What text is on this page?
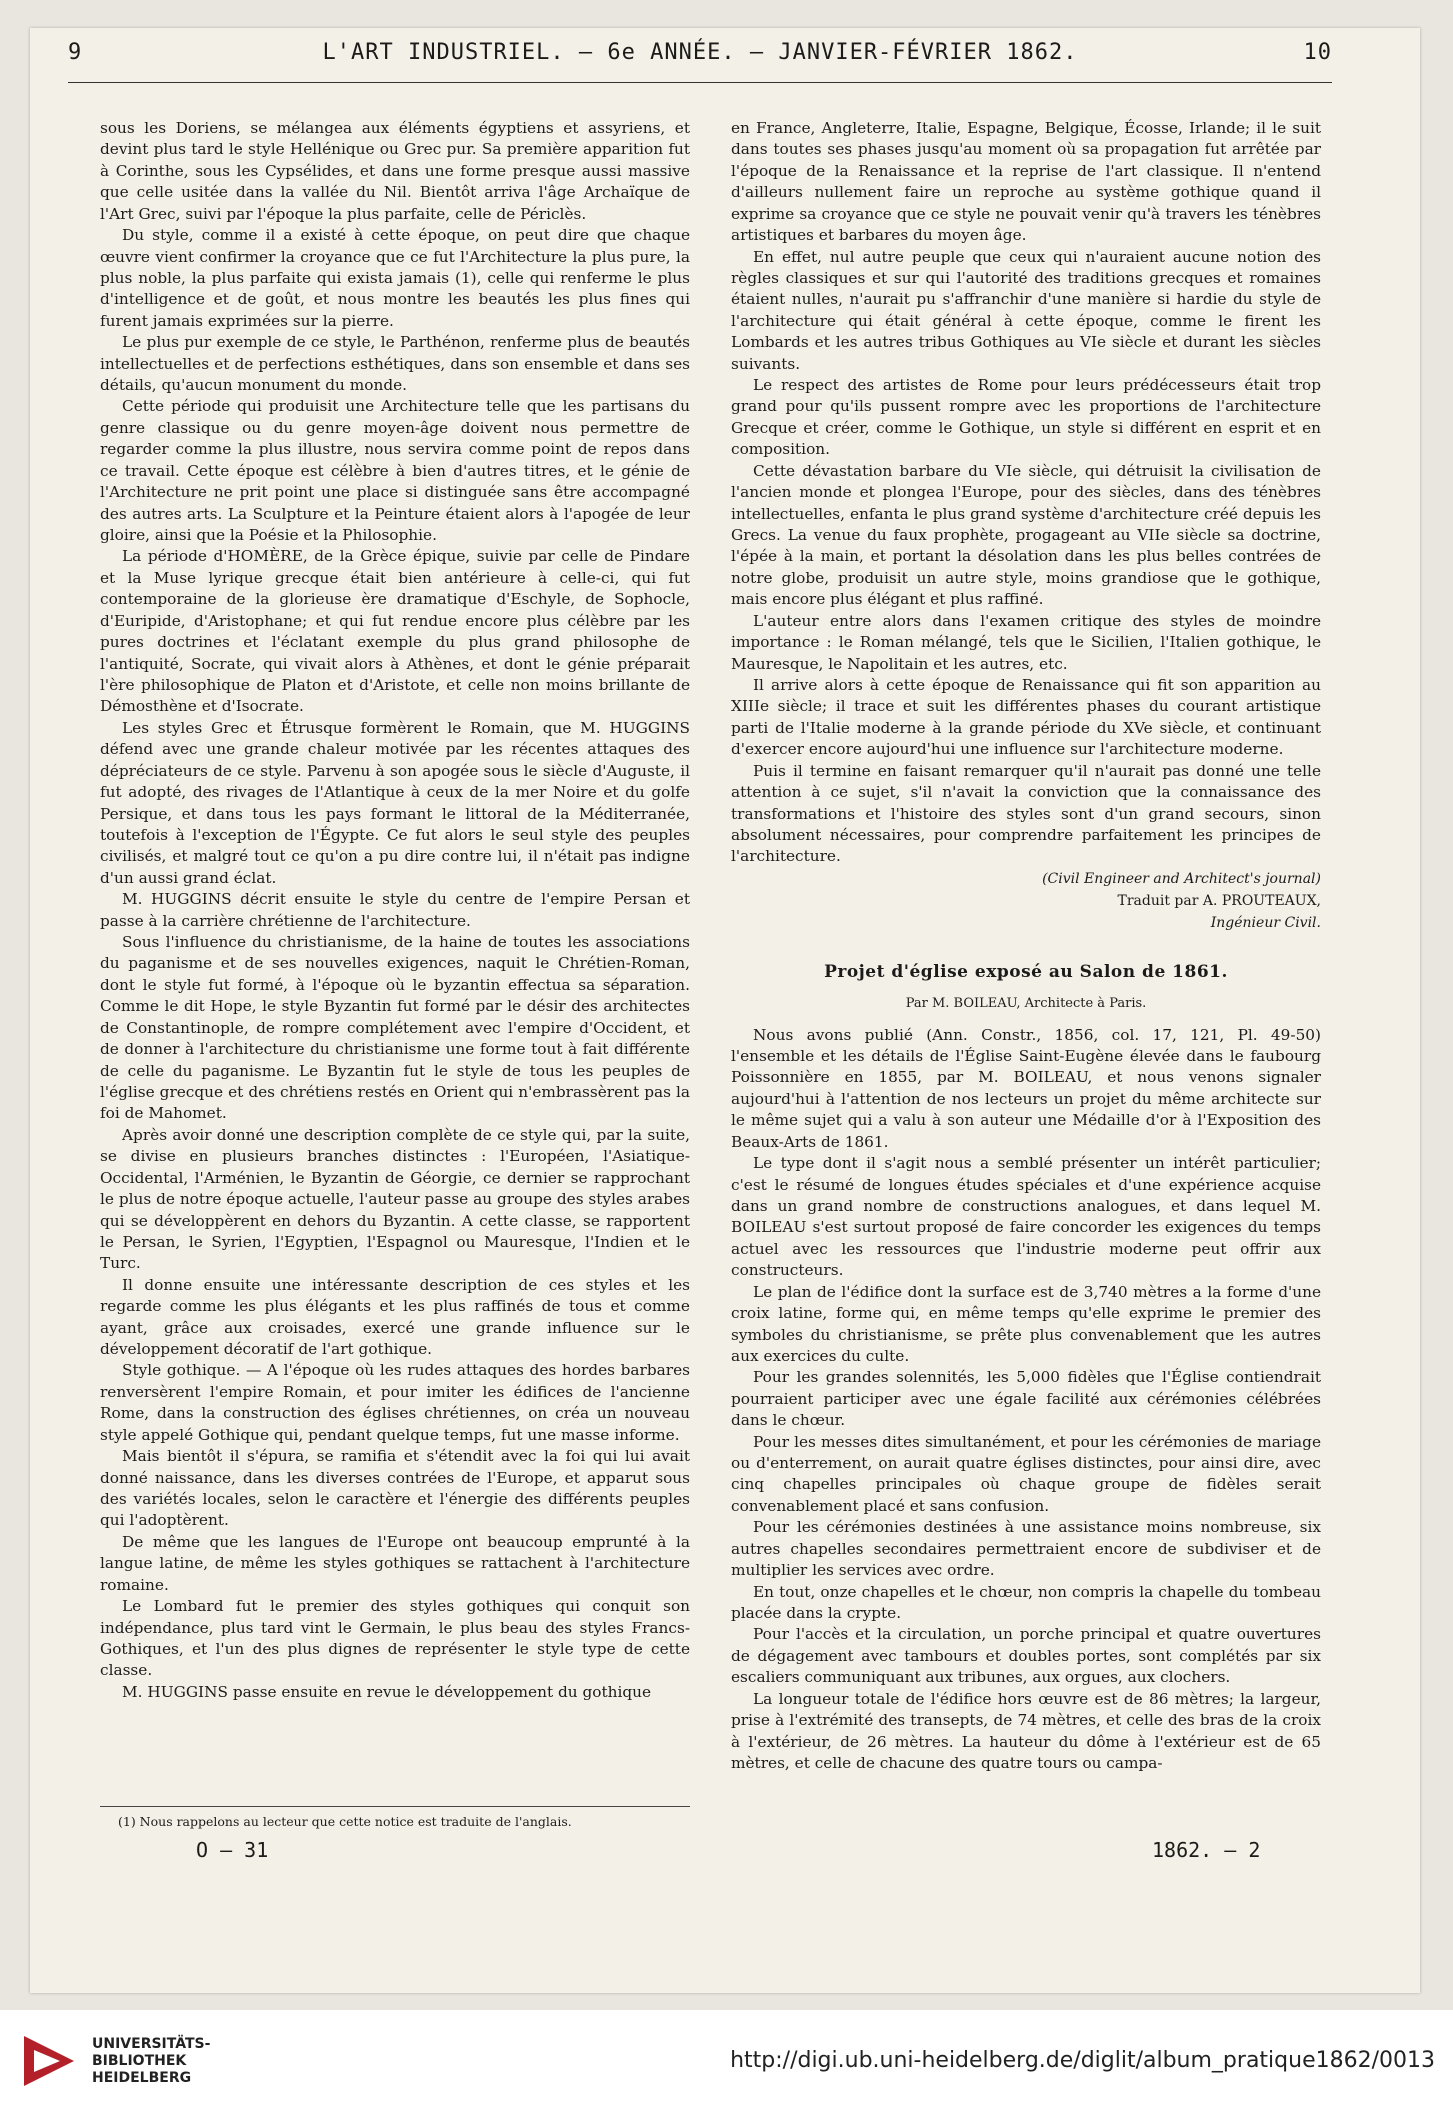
9	L'ART INDUSTRIEL. — 6e ANNÉE. — JANVIER-FÉVRIER 1862.	10

sous les Doriens, se mélangea aux éléments égyptiens et assyriens, et devint plus tard le style Hellénique ou Grec pur. Sa première apparition fut à Corinthe, sous les Cypsélides, et dans une forme presque aussi massive que celle usitée dans la vallée du Nil. Bientôt arriva l'âge Archaïque de l'Art Grec, suivi par l'époque la plus parfaite, celle de Périclès.

Du style, comme il a existé à cette époque, on peut dire que chaque œuvre vient confirmer la croyance que ce fut l'Architecture la plus pure, la plus noble, la plus parfaite qui exista jamais (1), celle qui renferme le plus d'intelligence et de goût, et nous montre les beautés les plus fines qui furent jamais exprimées sur la pierre.

Le plus pur exemple de ce style, le Parthénon, renferme plus de beautés intellectuelles et de perfections esthétiques, dans son ensemble et dans ses détails, qu'aucun monument du monde.

Cette période qui produisit une Architecture telle que les partisans du genre classique ou du genre moyen-âge doivent nous permettre de regarder comme la plus illustre, nous servira comme point de repos dans ce travail. Cette époque est célèbre à bien d'autres titres, et le génie de l'Architecture ne prit point une place si distinguée sans être accompagné des autres arts. La Sculpture et la Peinture étaient alors à l'apogée de leur gloire, ainsi que la Poésie et la Philosophie.

La période d'HOMÈRE, de la Grèce épique, suivie par celle de Pindare et la Muse lyrique grecque était bien antérieure à celle-ci, qui fut contemporaine de la glorieuse ère dramatique d'Eschyle, de Sophocle, d'Euripide, d'Aristophane; et qui fut rendue encore plus célèbre par les pures doctrines et l'éclatant exemple du plus grand philosophe de l'antiquité, Socrate, qui vivait alors à Athènes, et dont le génie préparait l'ère philosophique de Platon et d'Aristote, et celle non moins brillante de Démosthène et d'Isocrate.

Les styles Grec et Étrusque formèrent le Romain, que M. HUGGINS défend avec une grande chaleur motivée par les récentes attaques des dépréciateurs de ce style. Parvenu à son apogée sous le siècle d'Auguste, il fut adopté, des rivages de l'Atlantique à ceux de la mer Noire et du golfe Persique, et dans tous les pays formant le littoral de la Méditerranée, toutefois à l'exception de l'Égypte. Ce fut alors le seul style des peuples civilisés, et malgré tout ce qu'on a pu dire contre lui, il n'était pas indigne d'un aussi grand éclat.

M. HUGGINS décrit ensuite le style du centre de l'empire Persan et passe à la carrière chrétienne de l'architecture.

Sous l'influence du christianisme, de la haine de toutes les associations du paganisme et de ses nouvelles exigences, naquit le Chrétien-Roman, dont le style fut formé, à l'époque où le byzantin effectua sa séparation. Comme le dit Hope, le style Byzantin fut formé par le désir des architectes de Constantinople, de rompre complétement avec l'empire d'Occident, et de donner à l'architecture du christianisme une forme tout à fait différente de celle du paganisme. Le Byzantin fut le style de tous les peuples de l'église grecque et des chrétiens restés en Orient qui n'embrassèrent pas la foi de Mahomet.

Après avoir donné une description complète de ce style qui, par la suite, se divise en plusieurs branches distinctes : l'Européen, l'Asiatique-Occidental, l'Arménien, le Byzantin de Géorgie, ce dernier se rapprochant le plus de notre époque actuelle, l'auteur passe au groupe des styles arabes qui se développèrent en dehors du Byzantin. A cette classe, se rapportent le Persan, le Syrien, l'Egyptien, l'Espagnol ou Mauresque, l'Indien et le Turc.

Il donne ensuite une intéressante description de ces styles et les regarde comme les plus élégants et les plus raffinés de tous et comme ayant, grâce aux croisades, exercé une grande influence sur le développement décoratif de l'art gothique.

Style gothique. — A l'époque où les rudes attaques des hordes barbares renversèrent l'empire Romain, et pour imiter les édifices de l'ancienne Rome, dans la construction des églises chrétiennes, on créa un nouveau style appelé Gothique qui, pendant quelque temps, fut une masse informe.

Mais bientôt il s'épura, se ramifia et s'étendit avec la foi qui lui avait donné naissance, dans les diverses contrées de l'Europe, et apparut sous des variétés locales, selon le caractère et l'énergie des différents peuples qui l'adoptèrent.

De même que les langues de l'Europe ont beaucoup emprunté à la langue latine, de même les styles gothiques se rattachent à l'architecture romaine.

Le Lombard fut le premier des styles gothiques qui conquit son indépendance, plus tard vint le Germain, le plus beau des styles Francs-Gothiques, et l'un des plus dignes de représenter le style type de cette classe.

M. HUGGINS passe ensuite en revue le développement du gothique

en France, Angleterre, Italie, Espagne, Belgique, Écosse, Irlande; il le suit dans toutes ses phases jusqu'au moment où sa propagation fut arrêtée par l'époque de la Renaissance et la reprise de l'art classique. Il n'entend d'ailleurs nullement faire un reproche au système gothique quand il exprime sa croyance que ce style ne pouvait venir qu'à travers les ténèbres artistiques et barbares du moyen âge.

En effet, nul autre peuple que ceux qui n'auraient aucune notion des règles classiques et sur qui l'autorité des traditions grecques et romaines étaient nulles, n'aurait pu s'affranchir d'une manière si hardie du style de l'architecture qui était général à cette époque, comme le firent les Lombards et les autres tribus Gothiques au VIe siècle et durant les siècles suivants.

Le respect des artistes de Rome pour leurs prédécesseurs était trop grand pour qu'ils pussent rompre avec les proportions de l'architecture Grecque et créer, comme le Gothique, un style si différent en esprit et en composition.

Cette dévastation barbare du VIe siècle, qui détruisit la civilisation de l'ancien monde et plongea l'Europe, pour des siècles, dans des ténèbres intellectuelles, enfanta le plus grand système d'architecture créé depuis les Grecs. La venue du faux prophète, progageant au VIIe siècle sa doctrine, l'épée à la main, et portant la désolation dans les plus belles contrées de notre globe, produisit un autre style, moins grandiose que le gothique, mais encore plus élégant et plus raffiné.

L'auteur entre alors dans l'examen critique des styles de moindre importance : le Roman mélangé, tels que le Sicilien, l'Italien gothique, le Mauresque, le Napolitain et les autres, etc.

Il arrive alors à cette époque de Renaissance qui fit son apparition au XIIIe siècle; il trace et suit les différentes phases du courant artistique parti de l'Italie moderne à la grande période du XVe siècle, et continuant d'exercer encore aujourd'hui une influence sur l'architecture moderne.

Puis il termine en faisant remarquer qu'il n'aurait pas donné une telle attention à ce sujet, s'il n'avait la conviction que la connaissance des transformations et l'histoire des styles sont d'un grand secours, sinon absolument nécessaires, pour comprendre parfaitement les principes de l'architecture.

(Civil Engineer and Architect's journal)
Traduit par A. PROUTEAUX,
Ingénieur Civil.
Projet d'église exposé au Salon de 1861.
Par M. BOILEAU, Architecte à Paris.

Nous avons publié (Ann. Constr., 1856, col. 17, 121, Pl. 49-50) l'ensemble et les détails de l'Église Saint-Eugène élevée dans le faubourg Poissonnière en 1855, par M. BOILEAU, et nous venons signaler aujourd'hui à l'attention de nos lecteurs un projet du même architecte sur le même sujet qui a valu à son auteur une Médaille d'or à l'Exposition des Beaux-Arts de 1861.

Le type dont il s'agit nous a semblé présenter un intérêt particulier; c'est le résumé de longues études spéciales et d'une expérience acquise dans un grand nombre de constructions analogues, et dans lequel M. BOILEAU s'est surtout proposé de faire concorder les exigences du temps actuel avec les ressources que l'industrie moderne peut offrir aux constructeurs.

Le plan de l'édifice dont la surface est de 3,740 mètres a la forme d'une croix latine, forme qui, en même temps qu'elle exprime le premier des symboles du christianisme, se prête plus convenablement que les autres aux exercices du culte.

Pour les grandes solennités, les 5,000 fidèles que l'Église contiendrait pourraient participer avec une égale facilité aux cérémonies célébrées dans le chœur.

Pour les messes dites simultanément, et pour les cérémonies de mariage ou d'enterrement, on aurait quatre églises distinctes, pour ainsi dire, avec cinq chapelles principales où chaque groupe de fidèles serait convenablement placé et sans confusion.

Pour les cérémonies destinées à une assistance moins nombreuse, six autres chapelles secondaires permettraient encore de subdiviser et de multiplier les services avec ordre.

En tout, onze chapelles et le chœur, non compris la chapelle du tombeau placée dans la crypte.

Pour l'accès et la circulation, un porche principal et quatre ouvertures de dégagement avec tambours et doubles portes, sont complétés par six escaliers communiquant aux tribunes, aux orgues, aux clochers.

La longueur totale de l'édifice hors œuvre est de 86 mètres; la largeur, prise à l'extrémité des transepts, de 74 mètres, et celle des bras de la croix à l'extérieur, de 26 mètres. La hauteur du dôme à l'extérieur est de 65 mètres, et celle de chacune des quatre tours ou campa-

(1) Nous rappelons au lecteur que cette notice est traduite de l'anglais.
O — 31	1862. — 2
UNIVERSITÄTS-
BIBLIOTHEK
HEIDELBERG
http://digi.ub.uni-heidelberg.de/diglit/album_pratique1862/0013
